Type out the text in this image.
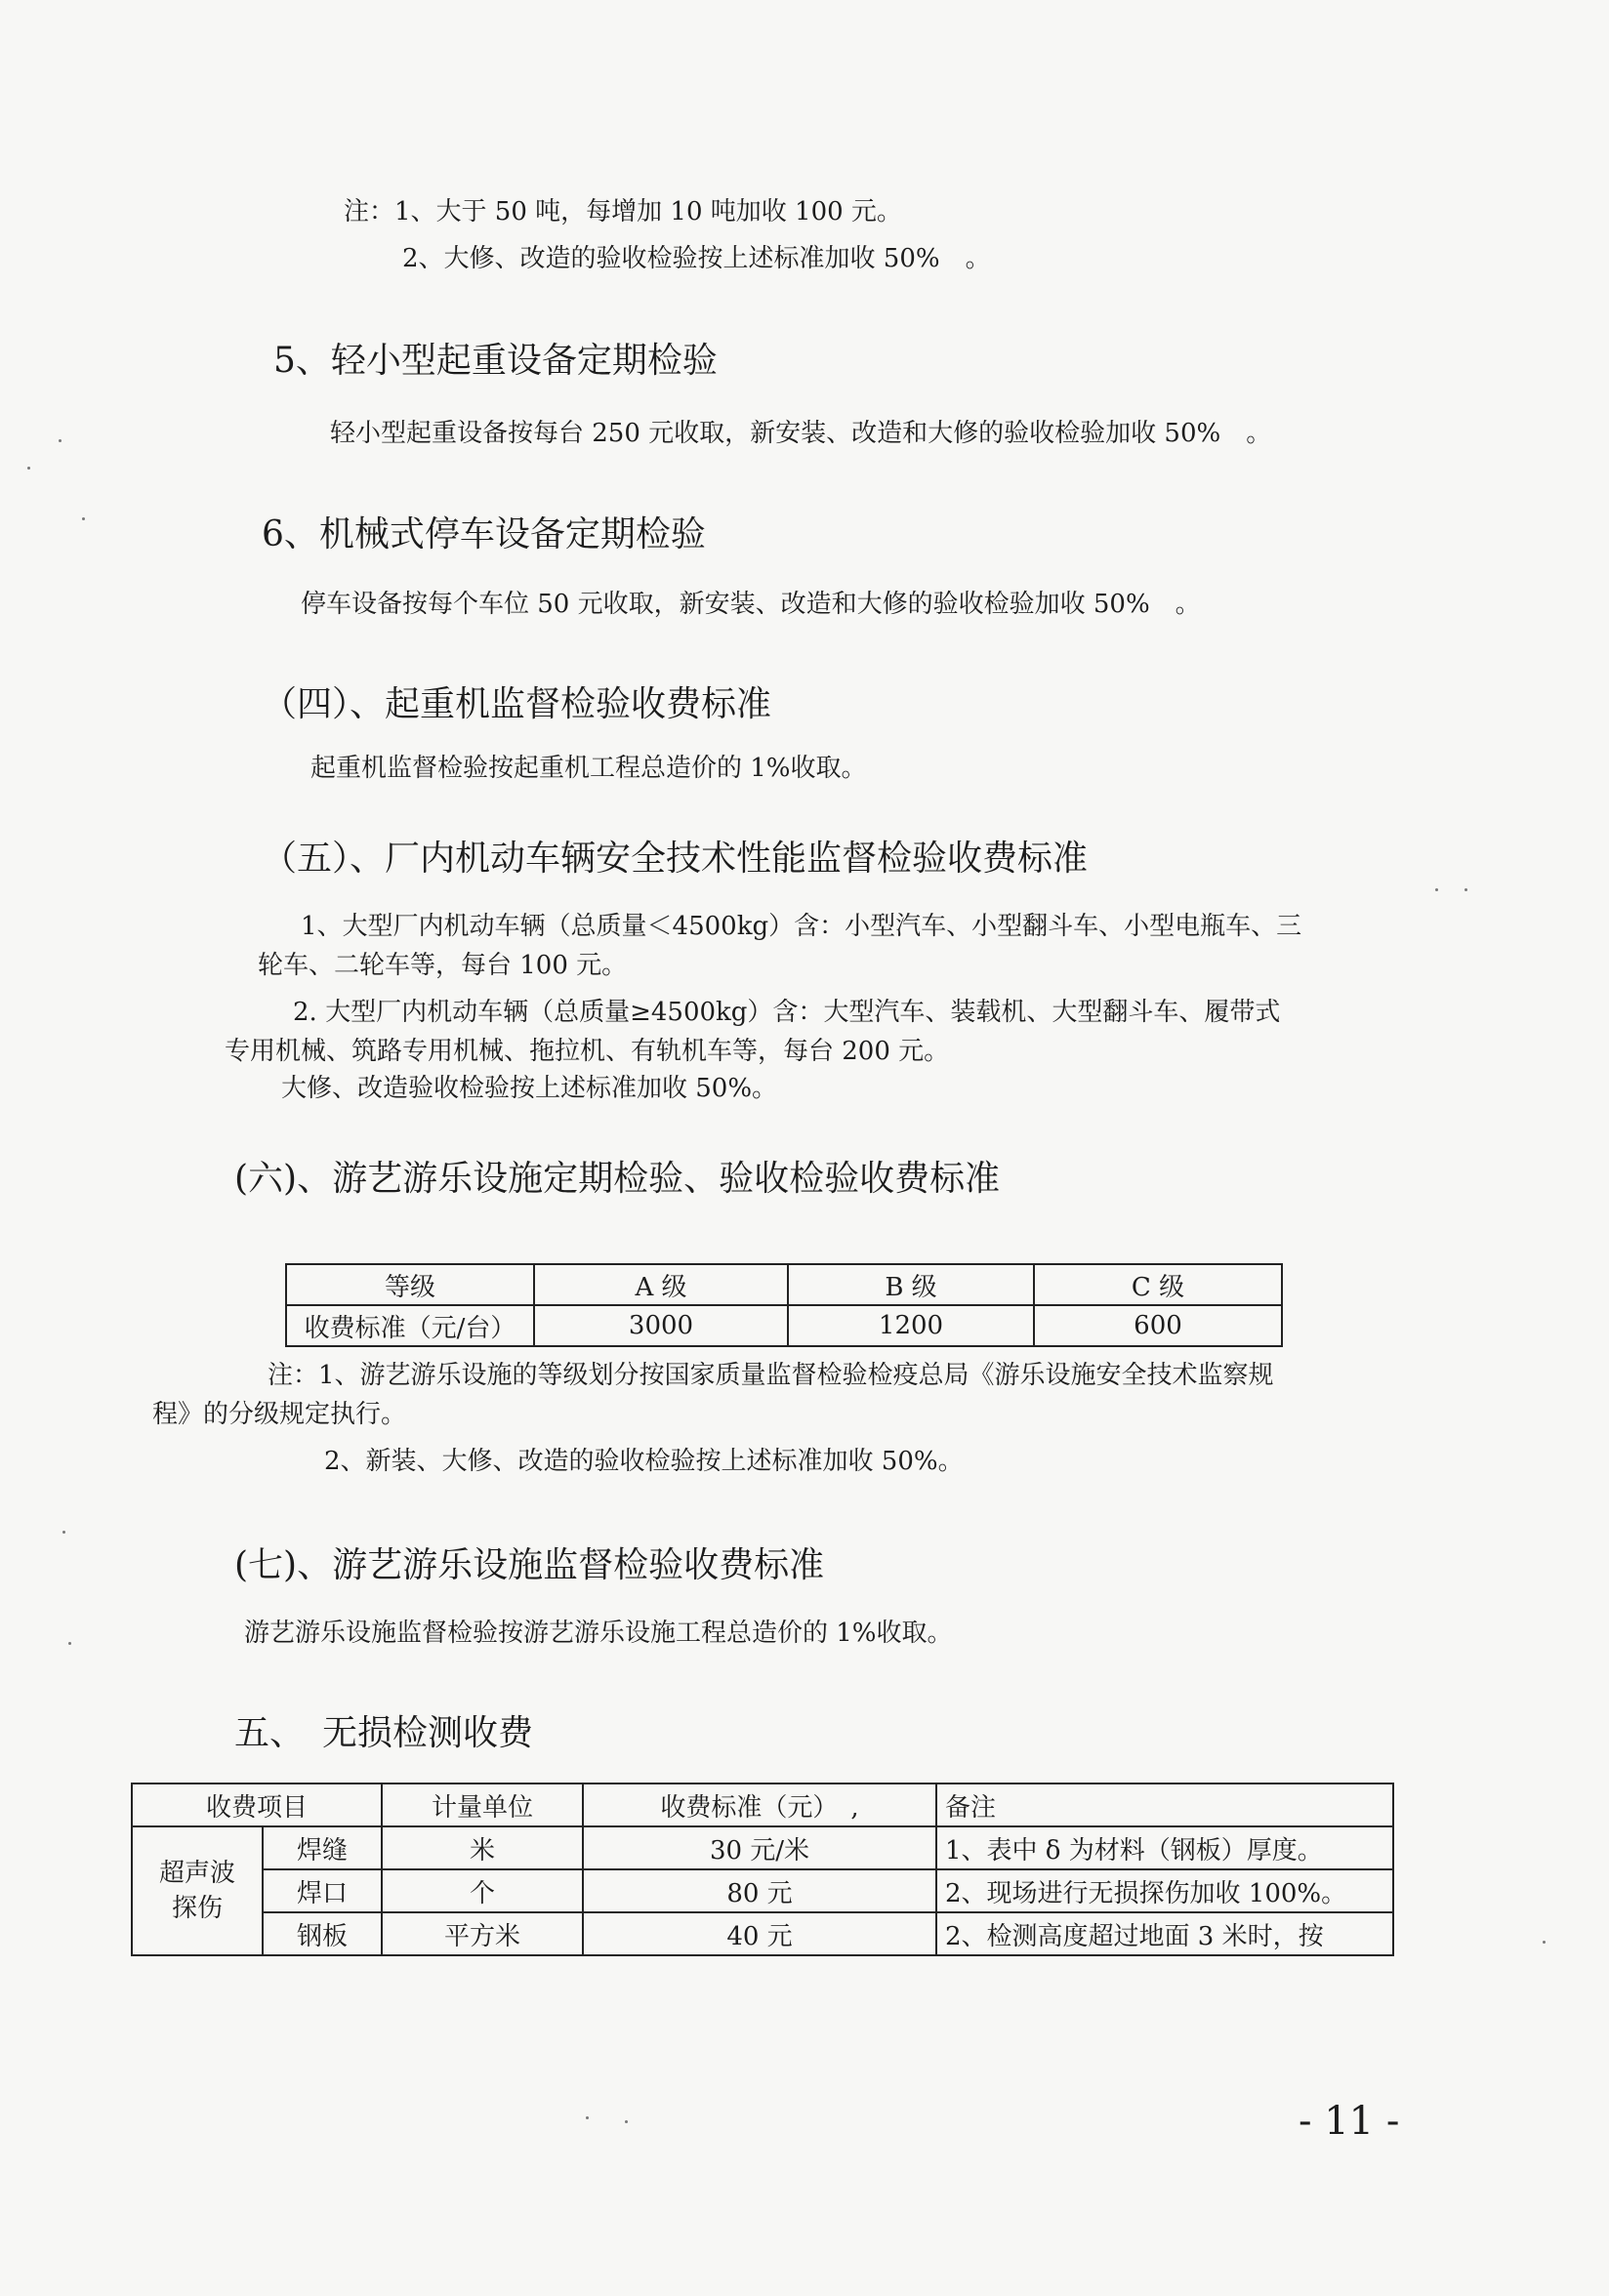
注：1、大于 50 吨，每增加 10 吨加收 100 元。
2、大修、改造的验收检验按上述标准加收 50%　。
5、轻小型起重设备定期检验
轻小型起重设备按每台 250 元收取，新安装、改造和大修的验收检验加收 50%　。
6、机械式停车设备定期检验
停车设备按每个车位 50 元收取，新安装、改造和大修的验收检验加收 50%　。
（四）、起重机监督检验收费标准
起重机监督检验按起重机工程总造价的 1%收取。
（五）、厂内机动车辆安全技术性能监督检验收费标准
1、大型厂内机动车辆（总质量＜4500kg）含：小型汽车、小型翻斗车、小型电瓶车、三
轮车、二轮车等，每台 100 元。
2. 大型厂内机动车辆（总质量≥4500kg）含：大型汽车、装载机、大型翻斗车、履带式
专用机械、筑路专用机械、拖拉机、有轨机车等，每台 200 元。
大修、改造验收检验按上述标准加收 50%。
(六)、游艺游乐设施定期检验、验收检验收费标准
等级	A 级	B 级	C 级
收费标准（元/台）	3000	1200	600
注：1、游艺游乐设施的等级划分按国家质量监督检验检疫总局《游乐设施安全技术监察规
程》的分级规定执行。
2、新装、大修、改造的验收检验按上述标准加收 50%。
(七)、游艺游乐设施监督检验收费标准
游艺游乐设施监督检验按游艺游乐设施工程总造价的 1%收取。
五、　无损检测收费
收费项目		计量单位	收费标准（元）　,	备注
超声波
探伤	焊缝	米	30 元/米	1、表中 δ 为材料（钢板）厚度。
	焊口	个	80 元	2、现场进行无损探伤加收 100%。
	钢板	平方米	40 元	2、检测高度超过地面 3 米时，按
- 11 -
